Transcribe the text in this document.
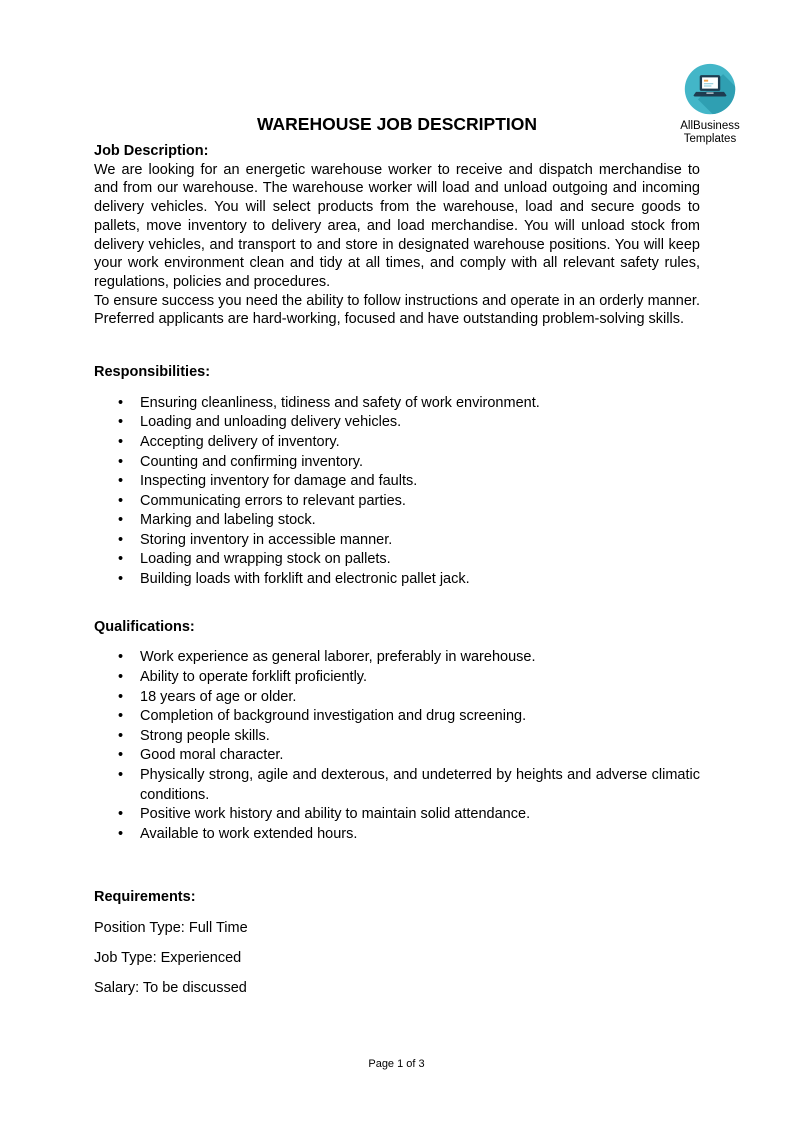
AllBusiness
Templates
WAREHOUSE JOB DESCRIPTION
Job Description:

We are looking for an energetic warehouse worker to receive and dispatch merchandise to and from our warehouse. The warehouse worker will load and unload outgoing and incoming delivery vehicles. You will select products from the warehouse, load and secure goods to pallets, move inventory to delivery area, and load merchandise. You will unload stock from delivery vehicles, and transport to and store in designated warehouse positions. You will keep your work environment clean and tidy at all times, and comply with all relevant safety rules, regulations, policies and procedures.

To ensure success you need the ability to follow instructions and operate in an orderly manner. Preferred applicants are hard-working, focused and have outstanding problem-solving skills.

Responsibilities:
• Ensuring cleanliness, tidiness and safety of work environment.
• Loading and unloading delivery vehicles.
• Accepting delivery of inventory.
• Counting and confirming inventory.
• Inspecting inventory for damage and faults.
• Communicating errors to relevant parties.
• Marking and labeling stock.
• Storing inventory in accessible manner.
• Loading and wrapping stock on pallets.
• Building loads with forklift and electronic pallet jack.
Qualifications:
• Work experience as general laborer, preferably in warehouse.
• Ability to operate forklift proficiently.
• 18 years of age or older.
• Completion of background investigation and drug screening.
• Strong people skills.
• Good moral character.
• Physically strong, agile and dexterous, and undeterred by heights and adverse climatic conditions.
• Positive work history and ability to maintain solid attendance.
• Available to work extended hours.
Requirements:

Position Type: Full Time

Job Type: Experienced

Salary: To be discussed

Page 1 of 3
